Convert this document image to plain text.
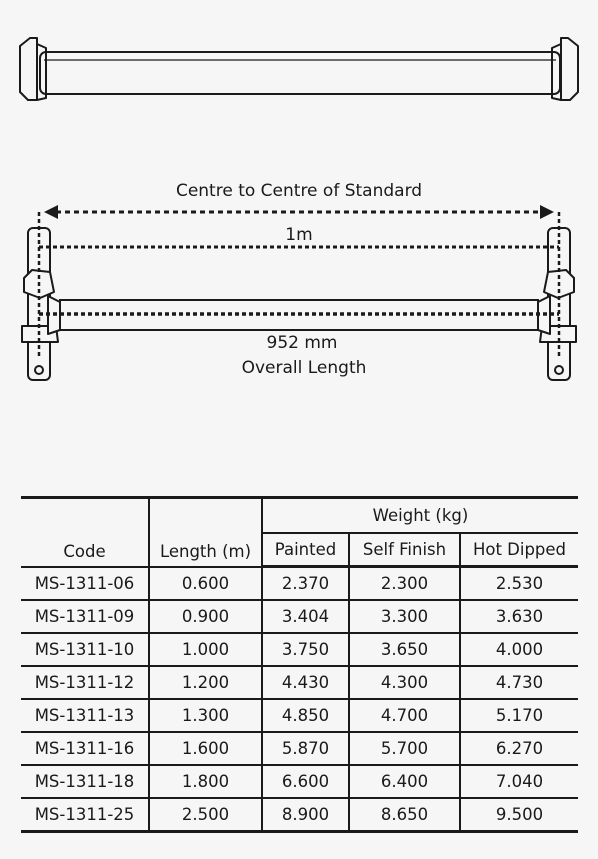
Centre to Centre of Standard
1m
952 mm
Overall Length
Code	Length (m)	Weight (kg)		
		Painted	Self Finish	Hot Dipped
MS-1311-06	0.600	2.370	2.300	2.530
MS-1311-09	0.900	3.404	3.300	3.630
MS-1311-10	1.000	3.750	3.650	4.000
MS-1311-12	1.200	4.430	4.300	4.730
MS-1311-13	1.300	4.850	4.700	5.170
MS-1311-16	1.600	5.870	5.700	6.270
MS-1311-18	1.800	6.600	6.400	7.040
MS-1311-25	2.500	8.900	8.650	9.500
